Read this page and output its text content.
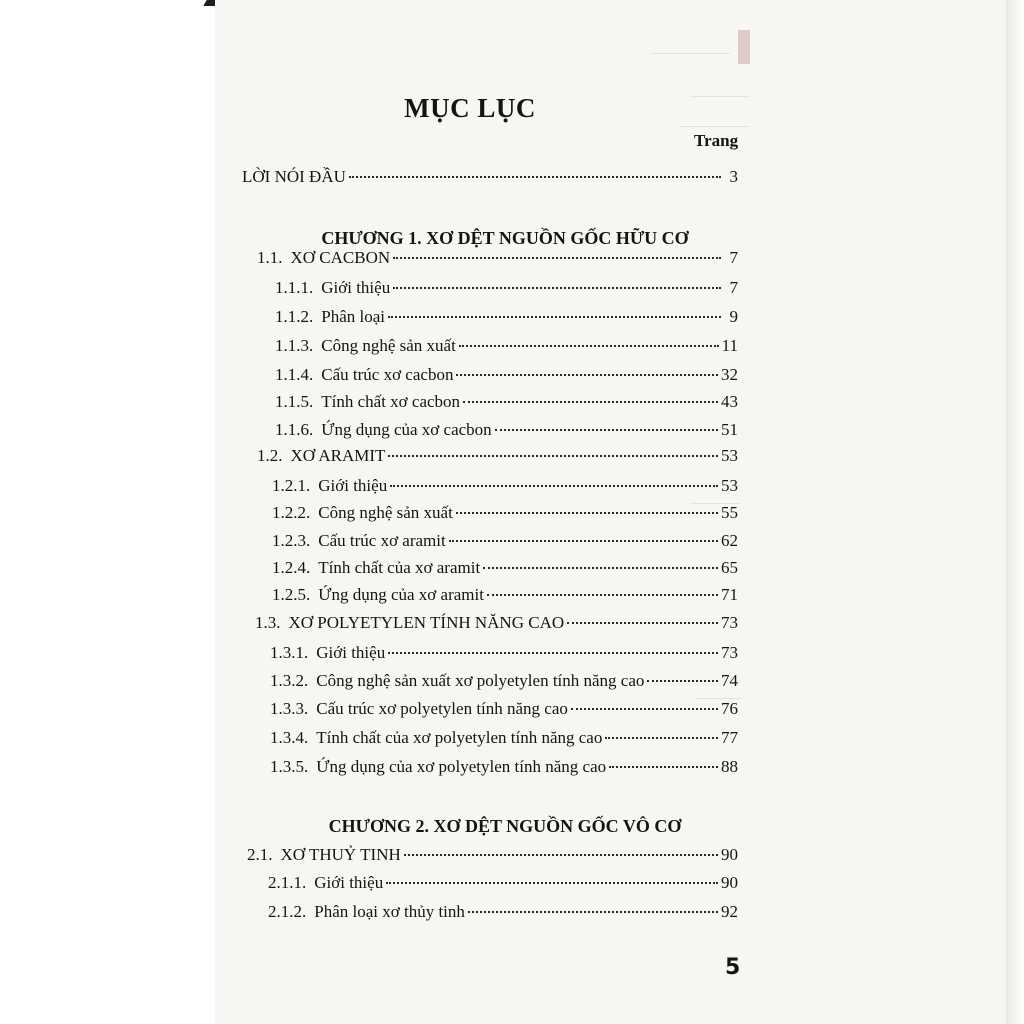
MỤC LỤC
Trang
LỜI NÓI ĐẦU	3
CHƯƠNG 1. XƠ DỆT NGUỒN GỐC HỮU CƠ
1.1. XƠ CACBON	7
1.1.1. Giới thiệu	7
1.1.2. Phân loại	9
1.1.3. Công nghệ sản xuất	11
1.1.4. Cấu trúc xơ cacbon	32
1.1.5. Tính chất xơ cacbon	43
1.1.6. Ứng dụng của xơ cacbon	51
1.2. XƠ ARAMIT	53
1.2.1. Giới thiệu	53
1.2.2. Công nghệ sản xuất	55
1.2.3. Cấu trúc xơ aramit	62
1.2.4. Tính chất của xơ aramit	65
1.2.5. Ứng dụng của xơ aramit	71
1.3. XƠ POLYETYLEN TÍNH NĂNG CAO	73
1.3.1. Giới thiệu	73
1.3.2. Công nghệ sản xuất xơ polyetylen tính năng cao	74
1.3.3. Cấu trúc xơ polyetylen tính năng cao	76
1.3.4. Tính chất của xơ polyetylen tính năng cao	77
1.3.5. Ứng dụng của xơ polyetylen tính năng cao	88
CHƯƠNG 2. XƠ DỆT NGUỒN GỐC VÔ CƠ
2.1. XƠ THUỶ TINH	90
2.1.1. Giới thiệu	90
2.1.2. Phân loại xơ thủy tinh	92
5
